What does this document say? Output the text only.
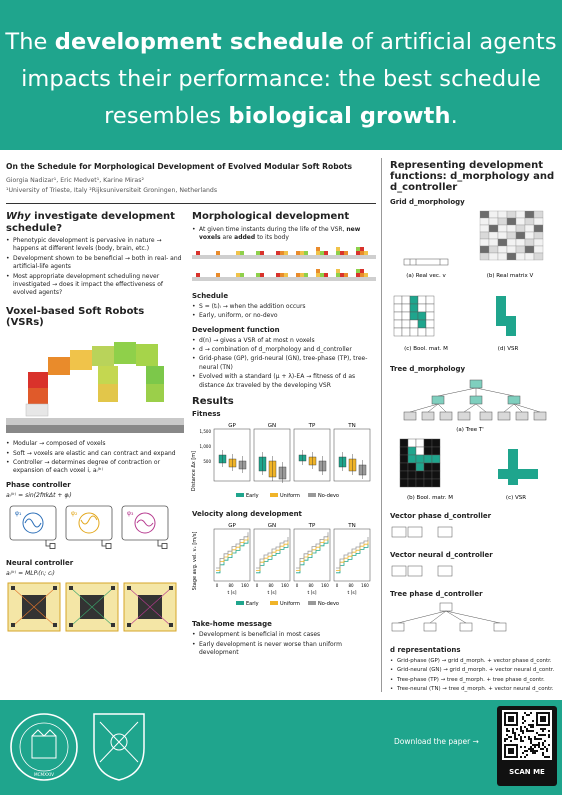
The development schedule of artificial agents
impacts their performance: the best schedule
resembles biological growth.
On the Schedule for Morphological Development of Evolved Modular Soft Robots
Giorgia Nadizar¹, Eric Medvet¹, Karine Miras²
¹University of Trieste, Italy ²Rijksuniversiteit Groningen, Netherlands
Why investigate development schedule?
• Phenotypic development is pervasive in nature → happens at different levels (body, brain, etc.)
• Development shown to be beneficial → both in real- and artificial-life agents
• Most appropriate development scheduling never investigated → does it impact the effectiveness of evolved agents?
Voxel-based Soft Robots (VSRs)
• Modular → composed of voxels
• Soft → voxels are elastic and can contract and expand
• Controller → determines degree of contraction or expansion of each voxel i, aᵢ⁽ᵏ⁾
Phase controller
aᵢ⁽ᵏ⁾ = sin(2fπkΔt + φᵢ)
φ₁	φ₂	φ₃
Neural controller
aᵢ⁽ᵏ⁾ = MLPᵢ(rᵢ; cᵢ)
Morphological development
• At given time instants during the life of the VSR, new voxels are added to its body
Schedule
• S = (tᵢ)ᵢ → when the addition occurs
• Early, uniform, or no-devo
Development function
• d(n) → gives a VSR of at most n voxels
• d → combination of d_morphology and d_controller
• Grid-phase (GP), grid-neural (GN), tree-phase (TP), tree-neural (TN)
• Evolved with a standard (μ + λ)-EA → fitness of d as distance Δx traveled by the developing VSR
Results
Fitness
Distance Δx [m]
1,500
1,000
500
GP	GN	TP	TN
Early	Uniform	No-devo
Velocity along development
Stage avg. vel. vₓ [m/s]
GP
0	80 160
t [s]
GN
0	80 160
t [s]
TP
0	80 160
t [s]
TN
0	80 160
t [s]
Early	Uniform	No-devo
Take-home message
• Development is beneficial in most cases
• Early development is never worse than uniform development
Representing development functions: d_morphology and d_controller
Grid d_morphology
(a) Real vec. v	(b) Real matrix V

(c) Bool. mat. M	(d) VSR
Tree d_morphology
(a) Tree T'

(b) Bool. matr. M	(c) VSR
Vector phase d_controller
Vector neural d_controller
Tree phase d_controller
d representations
• Grid-phase (GP) → grid d_morph. + vector phase d_contr.
• Grid-neural (GN) → grid d_morph. + vector neural d_contr.
• Tree-phase (TP) → tree d_morph. + tree phase d_contr.
• Tree-neural (TN) → tree d_morph. + vector neural d_contr.
MCMXXIV
Download the paper →
SCAN ME
